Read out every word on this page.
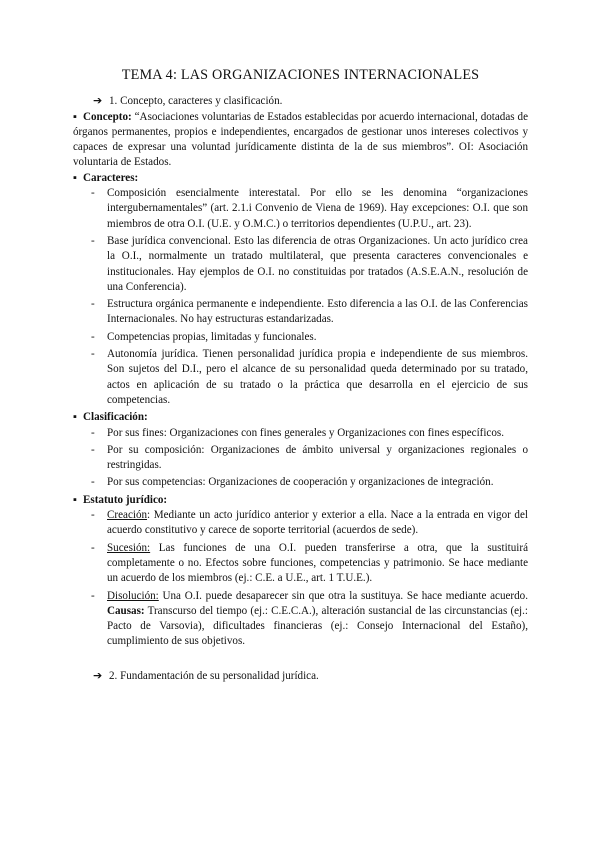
TEMA 4: LAS ORGANIZACIONES INTERNACIONALES
➔ 1. Concepto, caracteres y clasificación.

▪ Concepto: “Asociaciones voluntarias de Estados establecidas por acuerdo internacional, dotadas de órganos permanentes, propios e independientes, encargados de gestionar unos intereses colectivos y capaces de expresar una voluntad jurídicamente distinta de la de sus miembros”. OI: Asociación voluntaria de Estados.

▪ Caracteres:

- Composición esencialmente interestatal. Por ello se les denomina “organizaciones intergubernamentales” (art. 2.1.i Convenio de Viena de 1969). Hay excepciones: O.I. que son miembros de otra O.I. (U.E. y O.M.C.) o territorios dependientes (U.P.U., art. 23).
- Base jurídica convencional. Esto las diferencia de otras Organizaciones. Un acto jurídico crea la O.I., normalmente un tratado multilateral, que presenta caracteres convencionales e institucionales. Hay ejemplos de O.I. no constituidas por tratados (A.S.E.A.N., resolución de una Conferencia).
- Estructura orgánica permanente e independiente. Esto diferencia a las O.I. de las Conferencias Internacionales. No hay estructuras estandarizadas.
- Competencias propias, limitadas y funcionales.
- Autonomía jurídica. Tienen personalidad jurídica propia e independiente de sus miembros. Son sujetos del D.I., pero el alcance de su personalidad queda determinado por su tratado, actos en aplicación de su tratado o la práctica que desarrolla en el ejercicio de sus competencias.

▪ Clasificación:

- Por sus fines: Organizaciones con fines generales y Organizaciones con fines específicos.
- Por su composición: Organizaciones de ámbito universal y organizaciones regionales o restringidas.
- Por sus competencias: Organizaciones de cooperación y organizaciones de integración.

▪ Estatuto jurídico:

- Creación: Mediante un acto jurídico anterior y exterior a ella. Nace a la entrada en vigor del acuerdo constitutivo y carece de soporte territorial (acuerdos de sede).
- Sucesión: Las funciones de una O.I. pueden transferirse a otra, que la sustituirá completamente o no. Efectos sobre funciones, competencias y patrimonio. Se hace mediante un acuerdo de los miembros (ej.: C.E. a U.E., art. 1 T.U.E.).
- Disolución: Una O.I. puede desaparecer sin que otra la sustituya. Se hace mediante acuerdo. Causas: Transcurso del tiempo (ej.: C.E.C.A.), alteración sustancial de las circunstancias (ej.: Pacto de Varsovia), dificultades financieras (ej.: Consejo Internacional del Estaño), cumplimiento de sus objetivos.
➔ 2. Fundamentación de su personalidad jurídica.
